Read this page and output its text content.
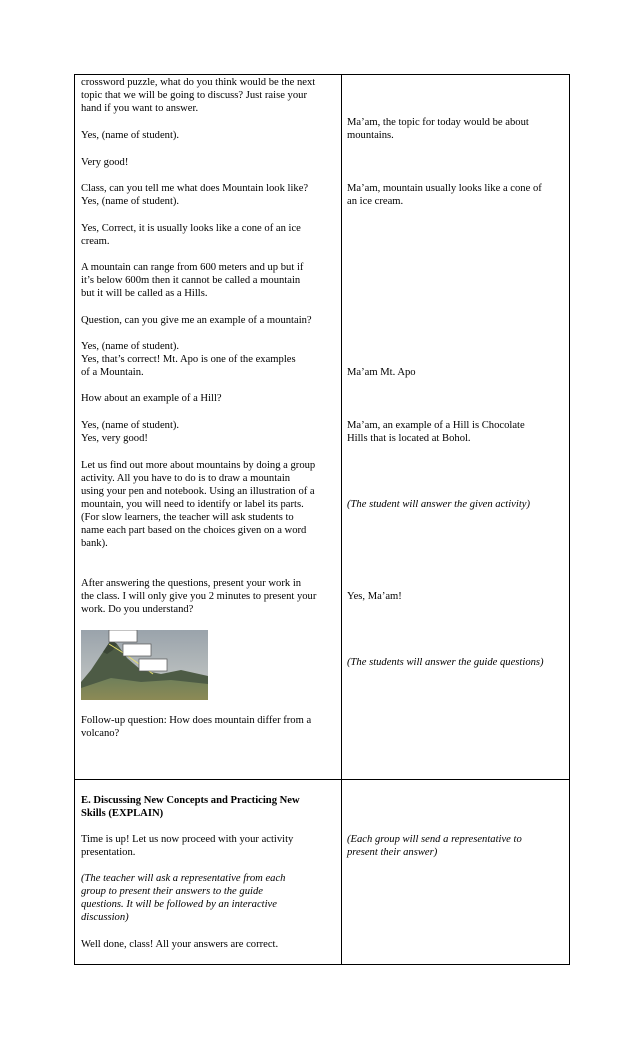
crossword puzzle, what do you think would be the next
topic that we will be going to discuss? Just raise your
hand if you want to answer.
Yes, (name of student).
Very good!
Class, can you tell me what does Mountain look like?
Yes, (name of student).
Yes, Correct, it is usually looks like a cone of an ice
cream.
A mountain can range from 600 meters and up but if
it’s below 600m then it cannot be called a mountain
but it will be called as a Hills.
Question, can you give me an example of a mountain?
Yes, (name of student).
Yes, that’s correct! Mt. Apo is one of the examples
of a Mountain.
How about an example of a Hill?
Yes, (name of student).
Yes, very good!
Let us find out more about mountains by doing a group
activity. All you have to do is to draw a mountain
using your pen and notebook. Using an illustration of a
mountain, you will need to identify or label its parts.
(For slow learners, the teacher will ask students to
name each part based on the choices given on a word
bank).
After answering the questions, present your work in
the class. I will only give you 2 minutes to present your
work. Do you understand?
Follow-up question: How does mountain differ from a
volcano?
Ma’am, the topic for today would be about
mountains.
Ma’am, mountain usually looks like a cone of
an ice cream.
Ma’am Mt. Apo
Ma’am, an example of a Hill is Chocolate
Hills that is located at Bohol.
(The student will answer the given activity)
Yes, Ma’am!
(The students will answer the guide questions)
E. Discussing New Concepts and Practicing New
Skills (EXPLAIN)
Time is up! Let us now proceed with your activity
presentation.
(The teacher will ask a representative from each
group to present their answers to the guide
questions. It will be followed by an interactive
discussion)
Well done, class! All your answers are correct.
(Each group will send a representative to
present their answer)
